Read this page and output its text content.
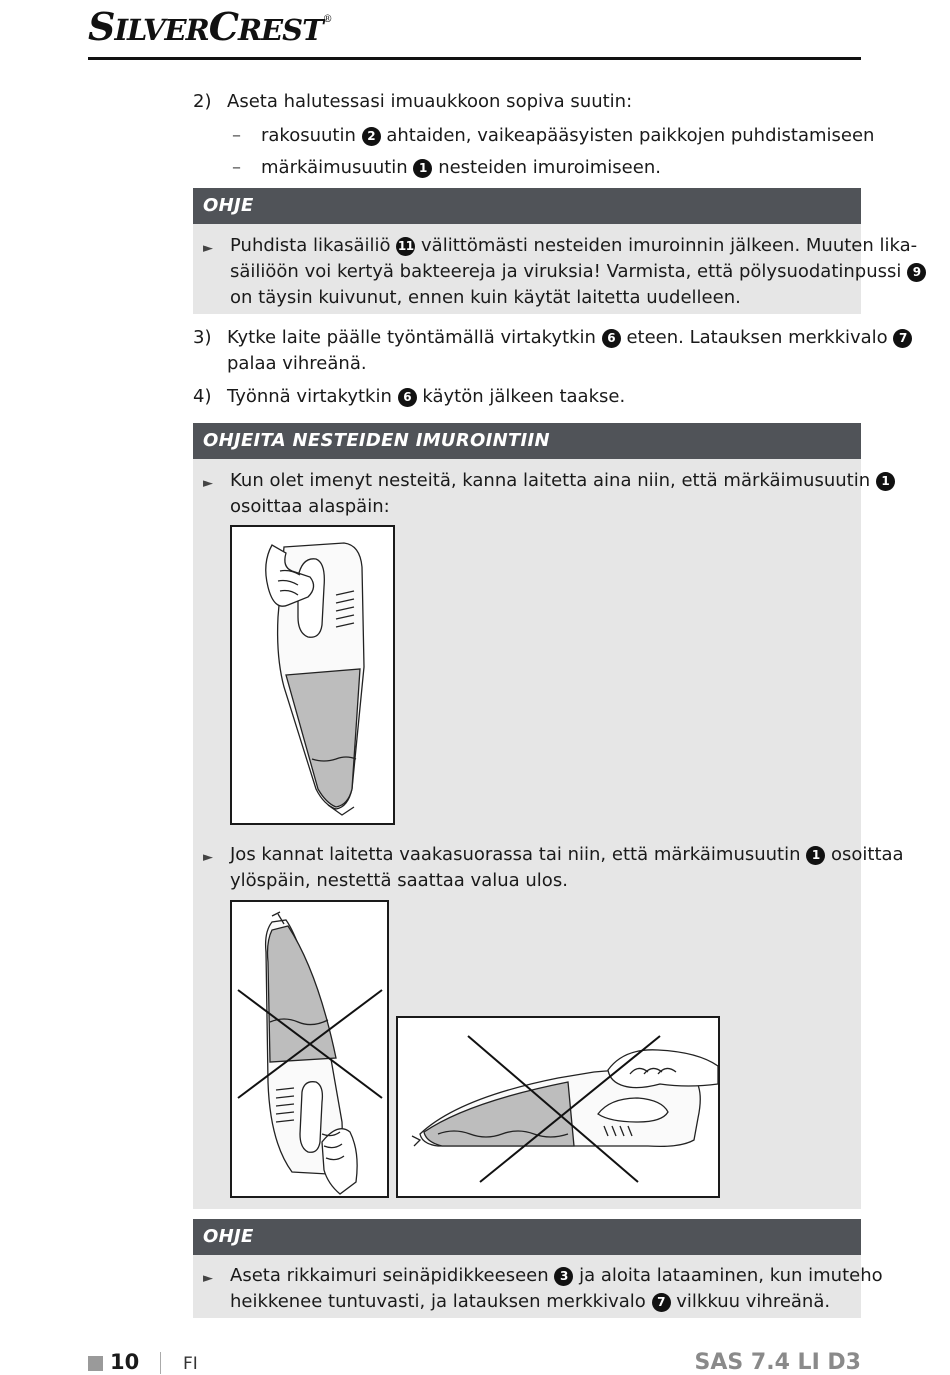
SILVERCREST®
2) Aseta halutessasi imuaukkoon sopiva suutin:
– rakosuutin 2 ahtaiden, vaikeapääsyisten paikkojen puhdistamiseen
– märkäimusuutin 1 nesteiden imuroimiseen.
OHJE
► Puhdista likasäiliö 11 välittömästi nesteiden imuroinnin jälkeen. Muuten lika-
säiliöön voi kertyä bakteereja ja viruksia! Varmista, että pölysuodatinpussi 9
on täysin kuivunut, ennen kuin käytät laitetta uudelleen.
3) Kytke laite päälle työntämällä virtakytkin 6 eteen. Latauksen merkkivalo 7
palaa vihreänä.
4) Työnnä virtakytkin 6 käytön jälkeen taakse.
OHJEITA NESTEIDEN IMUROINTIIN
► Kun olet imenyt nesteitä, kanna laitetta aina niin, että märkäimusuutin 1
osoittaa alaspäin:
► Jos kannat laitetta vaakasuorassa tai niin, että märkäimusuutin 1 osoittaa
ylöspäin, nestettä saattaa valua ulos.
OHJE
► Aseta rikkaimuri seinäpidikkeeseen 3 ja aloita lataaminen, kun imuteho
heikkenee tuntuvasti, ja latauksen merkkivalo 7 vilkkuu vihreänä.
10	FI	SAS 7.4 LI D3
